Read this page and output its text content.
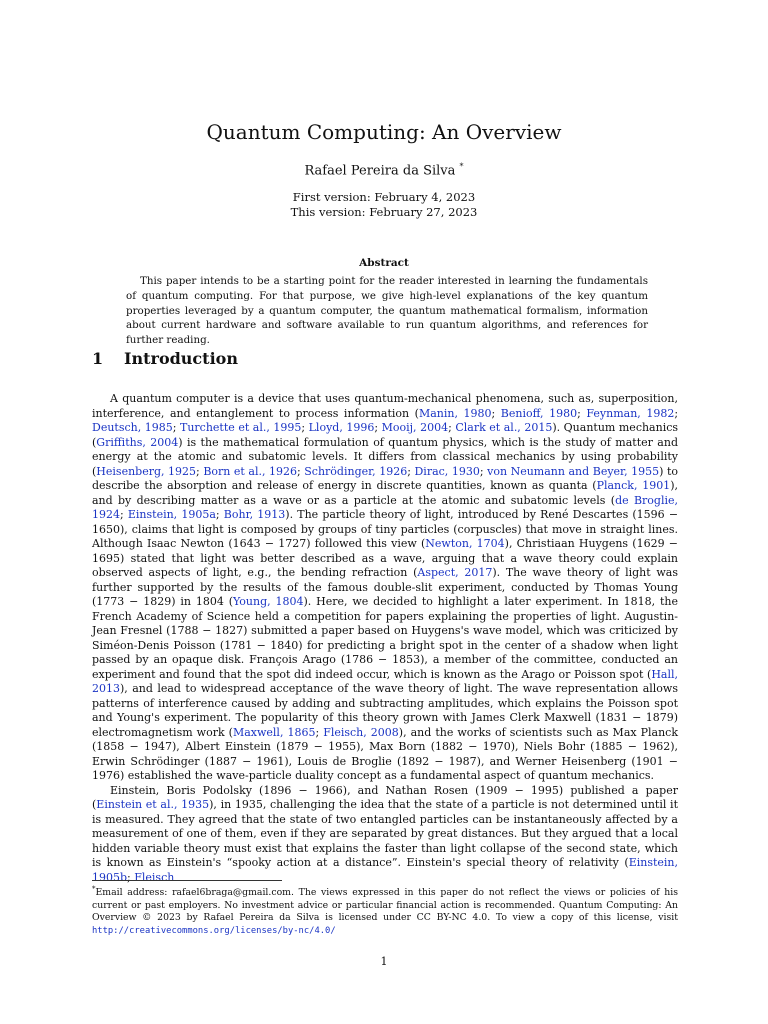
Quantum Computing: An Overview
Rafael Pereira da Silva *
First version: February 4, 2023
This version: February 27, 2023
Abstract
This paper intends to be a starting point for the reader interested in learning the fundamentals of quantum computing. For that purpose, we give high-level explanations of the key quantum properties leveraged by a quantum computer, the quantum mathematical formalism, information about current hardware and software available to run quantum algorithms, and references for further reading.
1 Introduction

A quantum computer is a device that uses quantum-mechanical phenomena, such as, superposition, interference, and entanglement to process information (Manin, 1980; Benioff, 1980; Feynman, 1982; Deutsch, 1985; Turchette et al., 1995; Lloyd, 1996; Mooij, 2004; Clark et al., 2015). Quantum mechanics (Griffiths, 2004) is the mathematical formulation of quantum physics, which is the study of matter and energy at the atomic and subatomic levels. It differs from classical mechanics by using probability (Heisenberg, 1925; Born et al., 1926; Schrödinger, 1926; Dirac, 1930; von Neumann and Beyer, 1955) to describe the absorption and release of energy in discrete quantities, known as quanta (Planck, 1901), and by describing matter as a wave or as a particle at the atomic and subatomic levels (de Broglie, 1924; Einstein, 1905a; Bohr, 1913). The particle theory of light, introduced by René Descartes (1596 − 1650), claims that light is composed by groups of tiny particles (corpuscles) that move in straight lines. Although Isaac Newton (1643 − 1727) followed this view (Newton, 1704), Christiaan Huygens (1629 − 1695) stated that light was better described as a wave, arguing that a wave theory could explain observed aspects of light, e.g., the bending refraction (Aspect, 2017). The wave theory of light was further supported by the results of the famous double-slit experiment, conducted by Thomas Young (1773 − 1829) in 1804 (Young, 1804). Here, we decided to highlight a later experiment. In 1818, the French Academy of Science held a competition for papers explaining the properties of light. Augustin-Jean Fresnel (1788 − 1827) submitted a paper based on Huygens's wave model, which was criticized by Siméon-Denis Poisson (1781 − 1840) for predicting a bright spot in the center of a shadow when light passed by an opaque disk. François Arago (1786 − 1853), a member of the committee, conducted an experiment and found that the spot did indeed occur, which is known as the Arago or Poisson spot (Hall, 2013), and lead to widespread acceptance of the wave theory of light. The wave representation allows patterns of interference caused by adding and subtracting amplitudes, which explains the Poisson spot and Young's experiment. The popularity of this theory grown with James Clerk Maxwell (1831 − 1879) electromagnetism work (Maxwell, 1865; Fleisch, 2008), and the works of scientists such as Max Planck (1858 − 1947), Albert Einstein (1879 − 1955), Max Born (1882 − 1970), Niels Bohr (1885 − 1962), Erwin Schrödinger (1887 − 1961), Louis de Broglie (1892 − 1987), and Werner Heisenberg (1901 − 1976) established the wave-particle duality concept as a fundamental aspect of quantum mechanics.

Einstein, Boris Podolsky (1896 − 1966), and Nathan Rosen (1909 − 1995) published a paper (Einstein et al., 1935), in 1935, challenging the idea that the state of a particle is not determined until it is measured. They agreed that the state of two entangled particles can be instantaneously affected by a measurement of one of them, even if they are separated by great distances. But they argued that a local hidden variable theory must exist that explains the faster than light collapse of the second state, which is known as Einstein's “spooky action at a distance”. Einstein's special theory of relativity (Einstein, 1905b; Fleisch

*Email address: rafael6braga@gmail.com. The views expressed in this paper do not reflect the views or policies of his current or past employers. No investment advice or particular financial action is recommended. Quantum Computing: An Overview © 2023 by Rafael Pereira da Silva is licensed under CC BY-NC 4.0. To view a copy of this license, visit http://creativecommons.org/licenses/by-nc/4.0/
1
